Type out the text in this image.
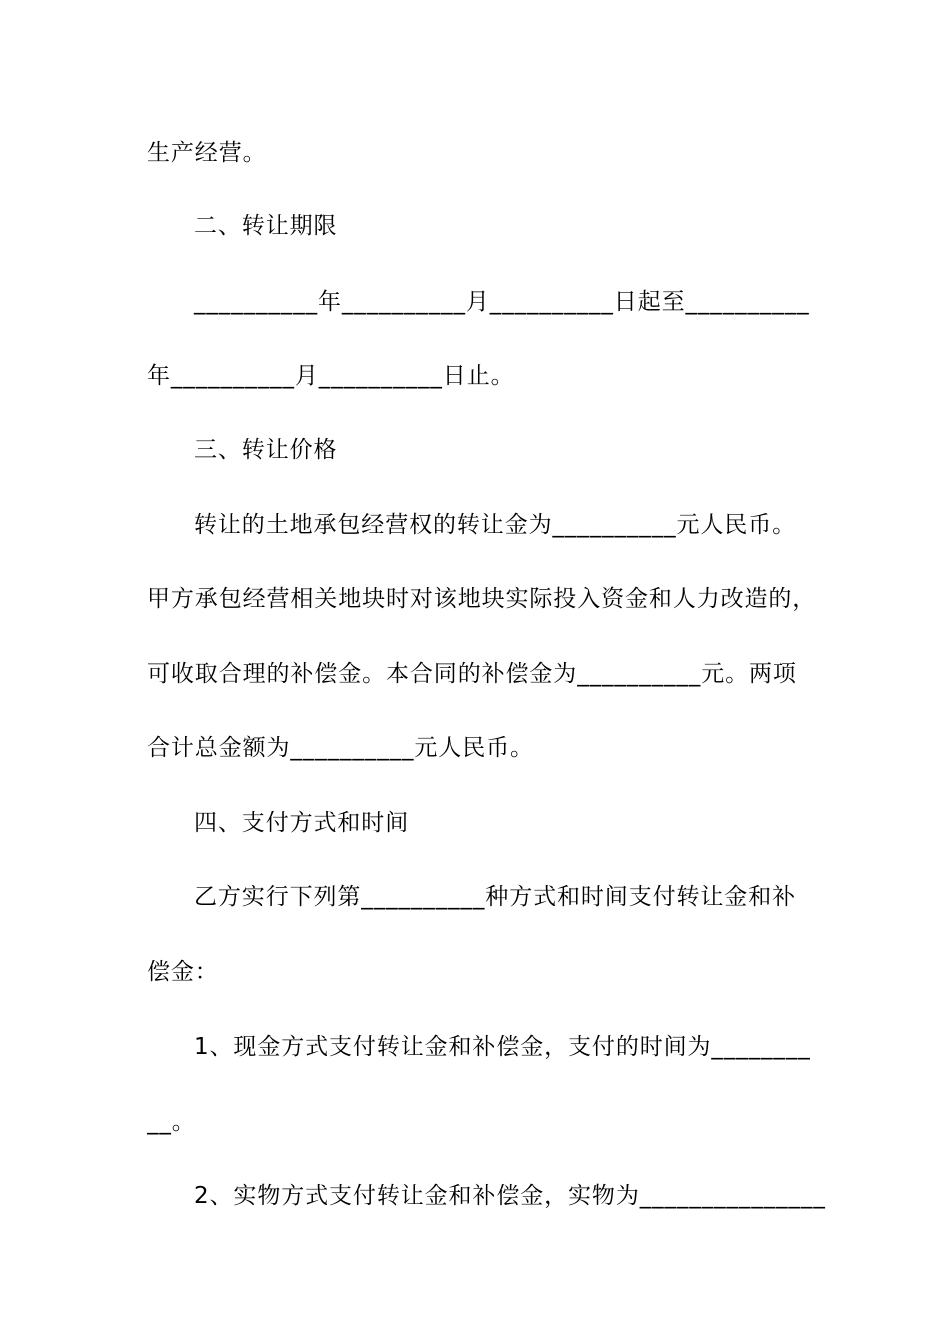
生产经营。
二、转让期限
__________年__________月__________日起至__________
年__________月__________日止。
三、转让价格
转让的土地承包经营权的转让金为__________元人民币。
甲方承包经营相关地块时对该地块实际投入资金和人力改造的，
可收取合理的补偿金。本合同的补偿金为__________元。两项
合计总金额为__________元人民币。
四、支付方式和时间
乙方实行下列第__________种方式和时间支付转让金和补
偿金：
1、现金方式支付转让金和补偿金，支付的时间为________
__。
2、实物方式支付转让金和补偿金，实物为_______________
